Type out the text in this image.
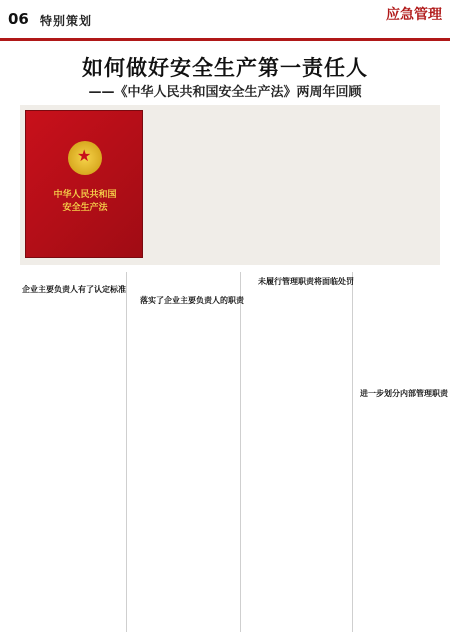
06 特别策划	应急管理
如何做好安全生产第一责任人
——《中华人民共和国安全生产法》两周年回顾
★
中华人民共和国
安全生产法
企业主要负责人有了认定标准
落实了企业主要负责人的职责
未履行管理职责将面临处罚
进一步划分内部管理职责
